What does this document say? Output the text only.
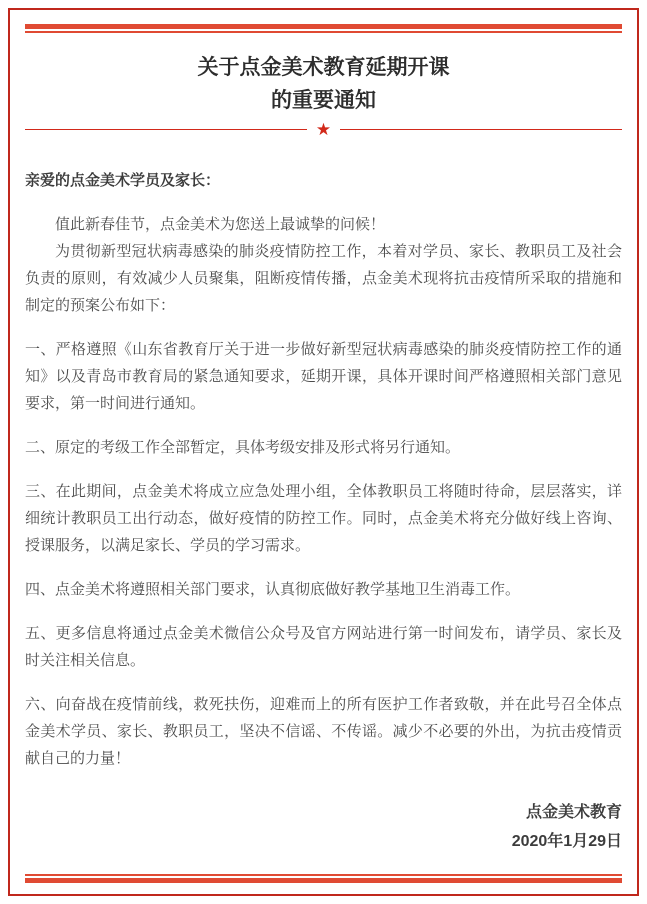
关于点金美术教育延期开课
的重要通知
★

亲爱的点金美术学员及家长：

值此新春佳节，点金美术为您送上最诚挚的问候！

为贯彻新型冠状病毒感染的肺炎疫情防控工作，本着对学员、家长、教职员工及社会负责的原则，有效减少人员聚集，阻断疫情传播，点金美术现将抗击疫情所采取的措施和制定的预案公布如下：

一、严格遵照《山东省教育厅关于进一步做好新型冠状病毒感染的肺炎疫情防控工作的通知》以及青岛市教育局的紧急通知要求，延期开课，具体开课时间严格遵照相关部门意见要求，第一时间进行通知。

二、原定的考级工作全部暂定，具体考级安排及形式将另行通知。

三、在此期间，点金美术将成立应急处理小组，全体教职员工将随时待命，层层落实，详细统计教职员工出行动态，做好疫情的防控工作。同时，点金美术将充分做好线上咨询、授课服务，以满足家长、学员的学习需求。

四、点金美术将遵照相关部门要求，认真彻底做好教学基地卫生消毒工作。

五、更多信息将通过点金美术微信公众号及官方网站进行第一时间发布，请学员、家长及时关注相关信息。

六、向奋战在疫情前线，救死扶伤，迎难而上的所有医护工作者致敬，并在此号召全体点金美术学员、家长、教职员工，坚决不信谣、不传谣。减少不必要的外出，为抗击疫情贡献自己的力量！

点金美术教育

2020年1月29日
